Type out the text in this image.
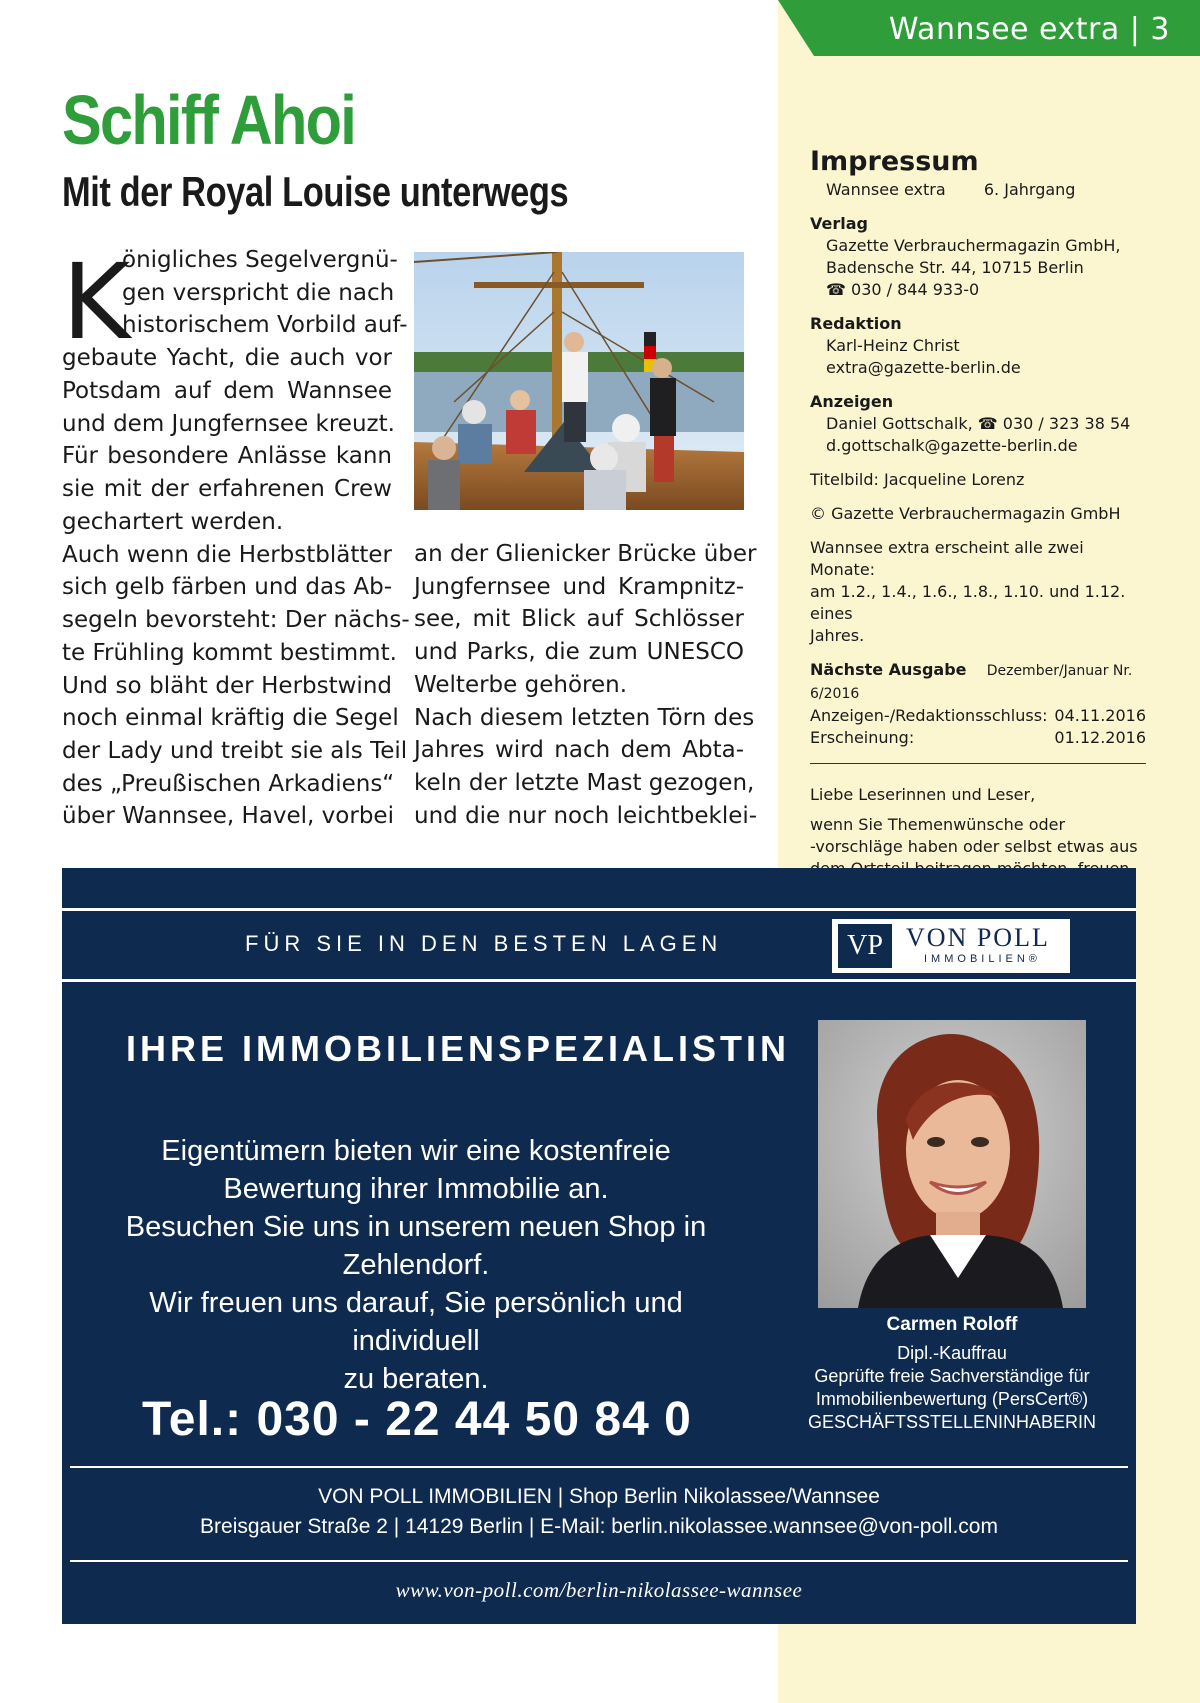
Wannsee extra | 3
Schiff Ahoi
Mit der Royal Louise unterwegs
K
önigliches Segelvergnü-
gen verspricht die nach
historischem Vorbild auf-
gebaute Yacht, die auch vor
Potsdam auf dem Wannsee
und dem Jungfernsee kreuzt.
Für besondere Anlässe kann
sie mit der erfahrenen Crew
gechartert werden.
Auch wenn die Herbstblätter
sich gelb färben und das Ab-
segeln bevorsteht: Der nächs-
te Frühling kommt bestimmt.
Und so bläht der Herbstwind
noch einmal kräftig die Segel
der Lady und treibt sie als Teil
des „Preußischen Arkadiens“
über Wannsee, Havel, vorbei
an der Glienicker Brücke über
Jungfernsee und Krampnitz-
see, mit Blick auf Schlösser
und Parks, die zum UNESCO
Welterbe gehören.
Nach diesem letzten Törn des
Jahres wird nach dem Abta-
keln der letzte Mast gezogen,
und die nur noch leichtbeklei-
Impressum
Wannsee extra 6. Jahrgang
Verlag
Gazette Verbrauchermagazin GmbH,
Badensche Str. 44, 10715 Berlin
☎ 030 / 844 933-0
Redaktion
Karl-Heinz Christ
extra@gazette-berlin.de
Anzeigen
Daniel Gottschalk, ☎ 030 / 323 38 54
d.gottschalk@gazette-berlin.de
Titelbild: Jacqueline Lorenz
© Gazette Verbrauchermagazin GmbH
Wannsee extra erscheint alle zwei Monate:
am 1.2., 1.4., 1.6., 1.8., 1.10. und 1.12. eines
Jahres.
Nächste Ausgabe Dezember/Januar Nr. 6/2016
Anzeigen-/Redaktionsschluss: 04.11.2016
Erscheinung:	01.12.2016
Liebe Leserinnen und Leser,
wenn Sie Themenwünsche oder
-vorschläge haben oder selbst etwas aus
FÜR SIE IN DEN BESTEN LAGEN	VP VON POLL
IMMOBILIEN®
IHRE IMMOBILIENSPEZIALISTIN
Eigentümern bieten wir eine kostenfreie
Bewertung ihrer Immobilie an.
Besuchen Sie uns in unserem neuen Shop in Zehlendorf.
Wir freuen uns darauf, Sie persönlich und individuell
zu beraten.
Tel.: 030 - 22 44 50 84 0
Carmen Roloff
Dipl.-Kauffrau
Geprüfte freie Sachverständige für
Immobilienbewertung (PersCert®)
GESCHÄFTSSTELLENINHABERIN
VON POLL IMMOBILIEN | Shop Berlin Nikolassee/Wannsee
Breisgauer Straße 2 | 14129 Berlin | E-Mail: berlin.nikolassee.wannsee@von-poll.com
www.von-poll.com/berlin-nikolassee-wannsee
